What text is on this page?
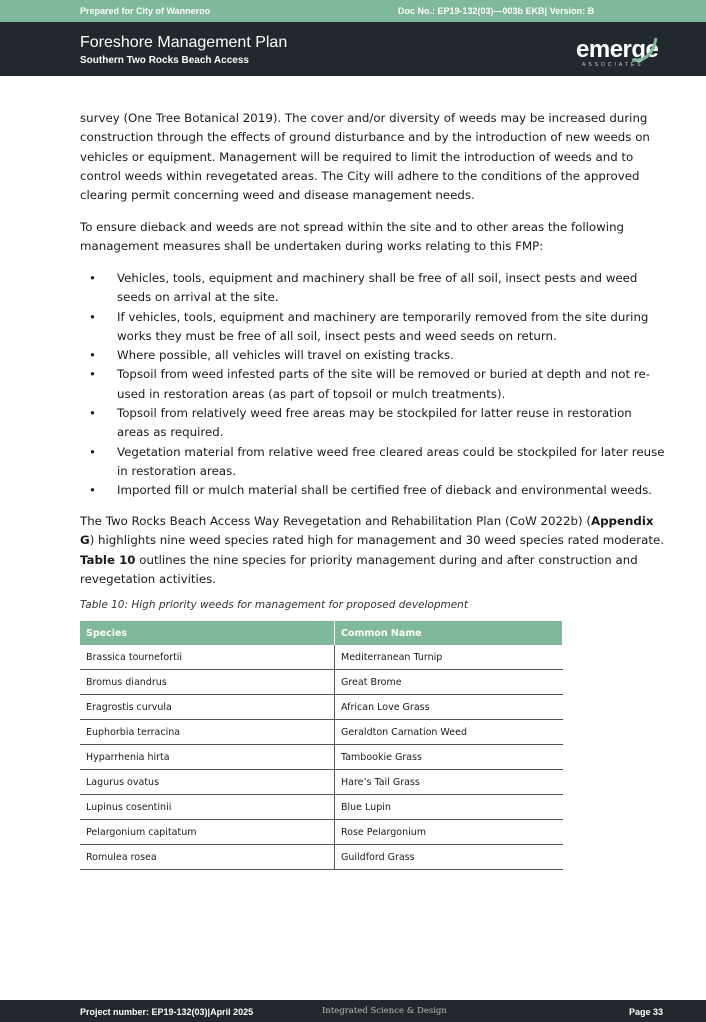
Prepared for City of Wanneroo	Doc No.: EP19-132(03)—003b EKB| Version: B
Foreshore Management Plan
Southern Two Rocks Beach Access	emerge
ASSOCIATES
survey (One Tree Botanical 2019). The cover and/or diversity of weeds may be increased during construction through the effects of ground disturbance and by the introduction of new weeds on vehicles or equipment. Management will be required to limit the introduction of weeds and to control weeds within revegetated areas. The City will adhere to the conditions of the approved clearing permit concerning weed and disease management needs.
To ensure dieback and weeds are not spread within the site and to other areas the following management measures shall be undertaken during works relating to this FMP:
• Vehicles, tools, equipment and machinery shall be free of all soil, insect pests and weed seeds on arrival at the site.
• If vehicles, tools, equipment and machinery are temporarily removed from the site during works they must be free of all soil, insect pests and weed seeds on return.
• Where possible, all vehicles will travel on existing tracks.
• Topsoil from weed infested parts of the site will be removed or buried at depth and not re-used in restoration areas (as part of topsoil or mulch treatments).
• Topsoil from relatively weed free areas may be stockpiled for latter reuse in restoration areas as required.
• Vegetation material from relative weed free cleared areas could be stockpiled for later reuse in restoration areas.
• Imported fill or mulch material shall be certified free of dieback and environmental weeds.
The Two Rocks Beach Access Way Revegetation and Rehabilitation Plan (CoW 2022b) (Appendix G) highlights nine weed species rated high for management and 30 weed species rated moderate. Table 10 outlines the nine species for priority management during and after construction and revegetation activities.
Table 10: High priority weeds for management for proposed development
Species	Common Name
Brassica tournefortii	Mediterranean Turnip
Bromus diandrus	Great Brome
Eragrostis curvula	African Love Grass
Euphorbia terracina	Geraldton Carnation Weed
Hyparrhenia hirta	Tambookie Grass
Lagurus ovatus	Hare’s Tail Grass
Lupinus cosentinii	Blue Lupin
Pelargonium capitatum	Rose Pelargonium
Romulea rosea	Guildford Grass
Project number: EP19-132(03)|April 2025	Integrated Science & Design	Page 33
